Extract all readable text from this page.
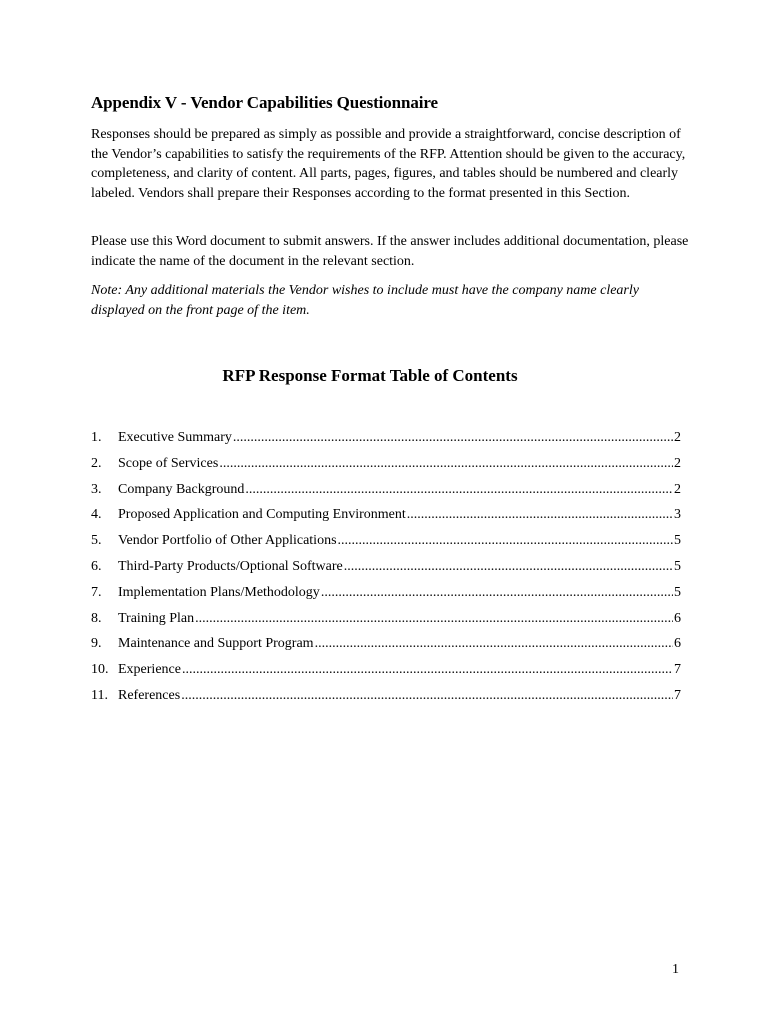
Appendix V - Vendor Capabilities Questionnaire

Responses should be prepared as simply as possible and provide a straightforward, concise description of the Vendor’s capabilities to satisfy the requirements of the RFP. Attention should be given to the accuracy, completeness, and clarity of content. All parts, pages, figures, and tables should be numbered and clearly labeled. Vendors shall prepare their Responses according to the format presented in this Section.

Please use this Word document to submit answers. If the answer includes additional documentation, please indicate the name of the document in the relevant section.

Note: Any additional materials the Vendor wishes to include must have the company name clearly displayed on the front page of the item.

RFP Response Format Table of Contents
1.	Executive Summary .....	2
2.	Scope of Services .....	2
3.	Company Background .....	2
4.	Proposed Application and Computing Environment .....	3
5.	Vendor Portfolio of Other Applications .....	5
6.	Third-Party Products/Optional Software .....	5
7.	Implementation Plans/Methodology .....	5
8.	Training Plan .....	6
9.	Maintenance and Support Program .....	6
10. Experience .....	7
11. References .....	7
1
